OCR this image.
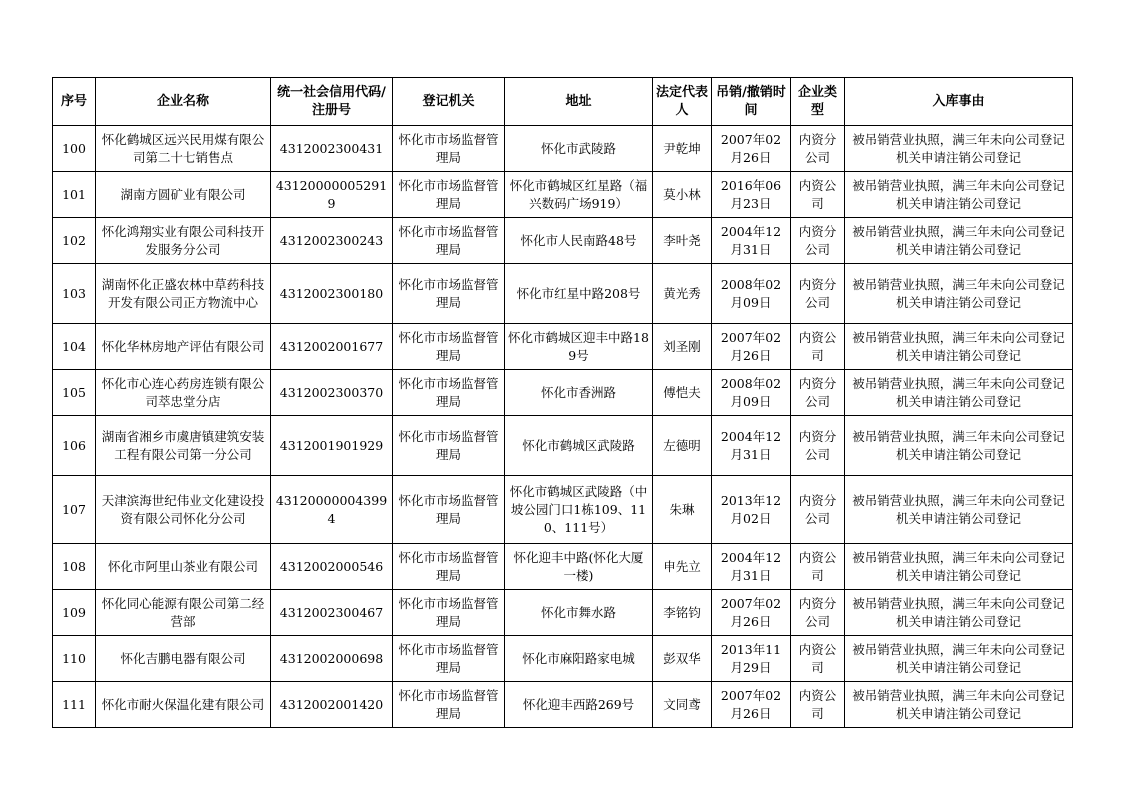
序号	企业名称	统一社会信用代码/注册号	登记机关	地址	法定代表人	吊销/撤销时间	企业类型	入库事由
100	怀化鹤城区远兴民用煤有限公司第二十七销售点	4312002300431	怀化市市场监督管理局	怀化市武陵路	尹乾坤	2007年02月26日	内资分公司	被吊销营业执照，满三年未向公司登记机关申请注销公司登记
101	湖南方圆矿业有限公司	431200000052919	怀化市市场监督管理局	怀化市鹤城区红星路（福兴数码广场919）	莫小林	2016年06月23日	内资公司	被吊销营业执照，满三年未向公司登记机关申请注销公司登记
102	怀化鸿翔实业有限公司科技开发服务分公司	4312002300243	怀化市市场监督管理局	怀化市人民南路48号	李叶尧	2004年12月31日	内资分公司	被吊销营业执照，满三年未向公司登记机关申请注销公司登记
103	湖南怀化正盛农林中草药科技开发有限公司正方物流中心	4312002300180	怀化市市场监督管理局	怀化市红星中路208号	黄光秀	2008年02月09日	内资分公司	被吊销营业执照，满三年未向公司登记机关申请注销公司登记
104	怀化华林房地产评估有限公司	4312002001677	怀化市市场监督管理局	怀化市鹤城区迎丰中路189号	刘圣刚	2007年02月26日	内资公司	被吊销营业执照，满三年未向公司登记机关申请注销公司登记
105	怀化市心连心药房连锁有限公司萃忠堂分店	4312002300370	怀化市市场监督管理局	怀化市香洲路	傅恺夫	2008年02月09日	内资分公司	被吊销营业执照，满三年未向公司登记机关申请注销公司登记
106	湖南省湘乡市虞唐镇建筑安装工程有限公司第一分公司	4312001901929	怀化市市场监督管理局	怀化市鹤城区武陵路	左德明	2004年12月31日	内资分公司	被吊销营业执照，满三年未向公司登记机关申请注销公司登记
107	天津滨海世纪伟业文化建设投资有限公司怀化分公司	431200000043994	怀化市市场监督管理局	怀化市鹤城区武陵路（中坡公园门口1栋109、110、111号）	朱琳	2013年12月02日	内资分公司	被吊销营业执照，满三年未向公司登记机关申请注销公司登记
108	怀化市阿里山茶业有限公司	4312002000546	怀化市市场监督管理局	怀化迎丰中路(怀化大厦一楼)	申先立	2004年12月31日	内资公司	被吊销营业执照，满三年未向公司登记机关申请注销公司登记
109	怀化同心能源有限公司第二经营部	4312002300467	怀化市市场监督管理局	怀化市舞水路	李铭钧	2007年02月26日	内资分公司	被吊销营业执照，满三年未向公司登记机关申请注销公司登记
110	怀化吉鹏电器有限公司	4312002000698	怀化市市场监督管理局	怀化市麻阳路家电城	彭双华	2013年11月29日	内资公司	被吊销营业执照，满三年未向公司登记机关申请注销公司登记
111	怀化市耐火保温化建有限公司	4312002001420	怀化市市场监督管理局	怀化迎丰西路269号	文同鸢	2007年02月26日	内资公司	被吊销营业执照，满三年未向公司登记机关申请注销公司登记
